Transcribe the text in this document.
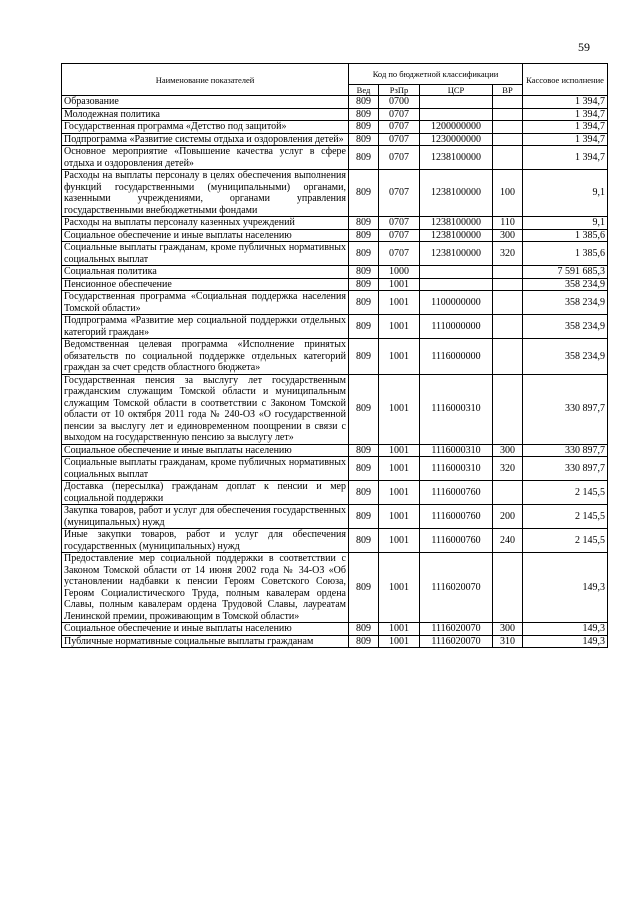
59
Наименование показателей	Код по бюджетной классификации				Кассовое исполнение
	Вед	РзПр	ЦСР	ВР	
Образование	809	0700			1 394,7
Молодежная политика	809	0707			1 394,7
Государственная программа «Детство под защитой»	809	0707	1200000000		1 394,7
Подпрограмма «Развитие системы отдыха и оздоровления детей»	809	0707	1230000000		1 394,7
Основное мероприятие «Повышение качества услуг в сфере отдыха и оздоровления детей»	809	0707	1238100000		1 394,7
Расходы на выплаты персоналу в целях обеспечения выполнения функций государственными (муниципальными) органами, казенными учреждениями, органами управления государственными внебюджетными фондами	809	0707	1238100000	100	9,1
Расходы на выплаты персоналу казенных учреждений	809	0707	1238100000	110	9,1
Социальное обеспечение и иные выплаты населению	809	0707	1238100000	300	1 385,6
Социальные выплаты гражданам, кроме публичных нормативных социальных выплат	809	0707	1238100000	320	1 385,6
Социальная политика	809	1000			7 591 685,3
Пенсионное обеспечение	809	1001			358 234,9
Государственная программа «Социальная поддержка населения Томской области»	809	1001	1100000000		358 234,9
Подпрограмма «Развитие мер социальной поддержки отдельных категорий граждан»	809	1001	1110000000		358 234,9
Ведомственная целевая программа «Исполнение принятых обязательств по социальной поддержке отдельных категорий граждан за счет средств областного бюджета»	809	1001	1116000000		358 234,9
Государственная пенсия за выслугу лет государственным гражданским служащим Томской области и муниципальным служащим Томской области в соответствии с Законом Томской области от 10 октября 2011 года № 240-ОЗ «О государственной пенсии за выслугу лет и единовременном поощрении в связи с выходом на государственную пенсию за выслугу лет»	809	1001	1116000310		330 897,7
Социальное обеспечение и иные выплаты населению	809	1001	1116000310	300	330 897,7
Социальные выплаты гражданам, кроме публичных нормативных социальных выплат	809	1001	1116000310	320	330 897,7
Доставка (пересылка) гражданам доплат к пенсии и мер социальной поддержки	809	1001	1116000760		2 145,5
Закупка товаров, работ и услуг для обеспечения государственных (муниципальных) нужд	809	1001	1116000760	200	2 145,5
Иные закупки товаров, работ и услуг для обеспечения государственных (муниципальных) нужд	809	1001	1116000760	240	2 145,5
Предоставление мер социальной поддержки в соответствии с Законом Томской области от 14 июня 2002 года № 34-ОЗ «Об установлении надбавки к пенсии Героям Советского Союза, Героям Социалистического Труда, полным кавалерам ордена Славы, полным кавалерам ордена Трудовой Славы, лауреатам Ленинской премии, проживающим в Томской области»	809	1001	1116020070		149,3
Социальное обеспечение и иные выплаты населению	809	1001	1116020070	300	149,3
Публичные нормативные социальные выплаты гражданам	809	1001	1116020070	310	149,3
